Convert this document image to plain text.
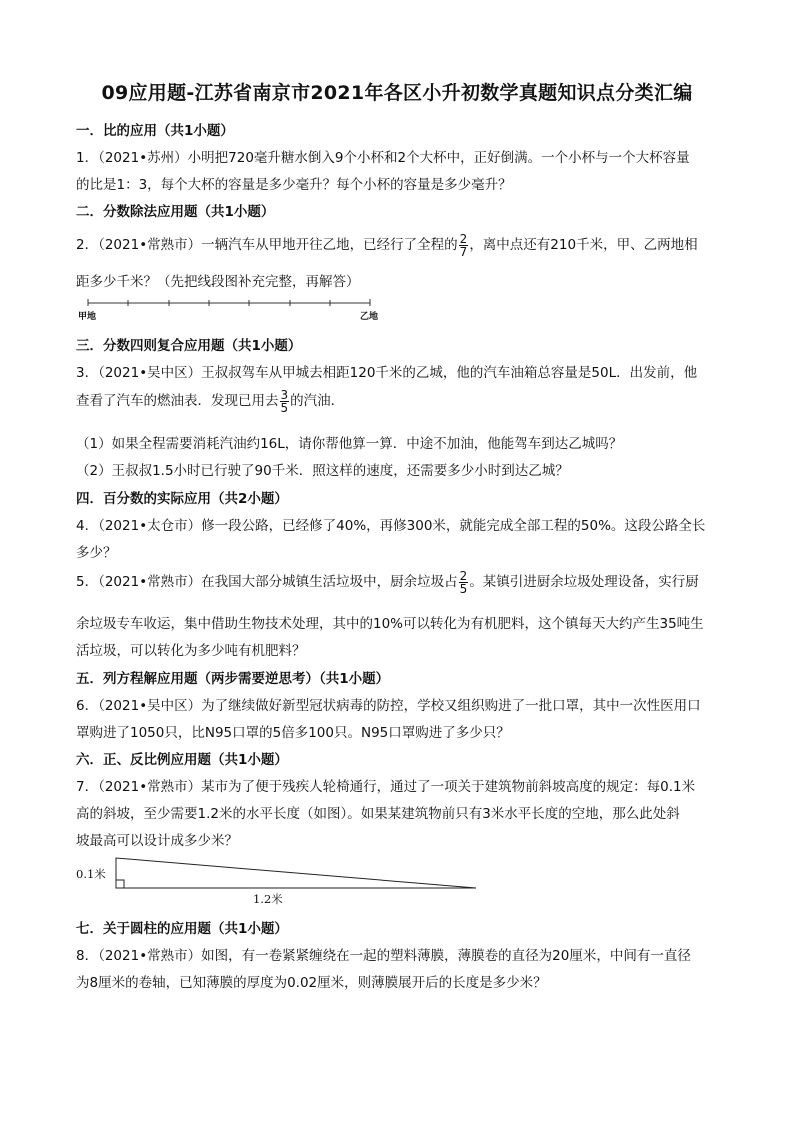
09应用题-江苏省南京市2021年各区小升初数学真题知识点分类汇编
一．比的应用（共1小题）
1．（2021•苏州）小明把720毫升糖水倒入9个小杯和2个大杯中，正好倒满。一个小杯与一个大杯容量
的比是1：3，每个大杯的容量是多少毫升？每个小杯的容量是多少毫升？
二．分数除法应用题（共1小题）
2．（2021•常熟市）一辆汽车从甲地开往乙地，已经行了全程的 $\frac{2}{7}$ ，离中点还有210千米，甲、乙两地相
距多少千米？（先把线段图补充完整，再解答）
甲地	乙地
三．分数四则复合应用题（共1小题）
3．（2021•吴中区）王叔叔驾车从甲城去相距120千米的乙城，他的汽车油箱总容量是50L．出发前，他
查看了汽车的燃油表．发现已用去 $\frac{3}{5}$ 的汽油．
（1）如果全程需要消耗汽油约16L，请你帮他算一算．中途不加油，他能驾车到达乙城吗？
（2）王叔叔1.5小时已行驶了90千米．照这样的速度，还需要多少小时到达乙城？
四．百分数的实际应用（共2小题）
4．（2021•太仓市）修一段公路，已经修了40%，再修300米，就能完成全部工程的50%。这段公路全长
多少？
5．（2021•常熟市）在我国大部分城镇生活垃圾中，厨余垃圾占 $\frac{2}{5}$ 。某镇引进厨余垃圾处理设备，实行厨
余垃圾专车收运，集中借助生物技术处理，其中的10%可以转化为有机肥料，这个镇每天大约产生35吨生
活垃圾，可以转化为多少吨有机肥料？
五．列方程解应用题（两步需要逆思考）（共1小题）
6．（2021•吴中区）为了继续做好新型冠状病毒的防控，学校又组织购进了一批口罩，其中一次性医用口
罩购进了1050只，比N95口罩的5倍多100只。N95口罩购进了多少只？
六．正、反比例应用题（共1小题）
7．（2021•常熟市）某市为了便于残疾人轮椅通行，通过了一项关于建筑物前斜坡高度的规定：每0.1米
高的斜坡，至少需要1.2米的水平长度（如图）。如果某建筑物前只有3米水平长度的空地，那么此处斜
坡最高可以设计成多少米？
0.1米
1.2米
七．关于圆柱的应用题（共1小题）
8．（2021•常熟市）如图，有一卷紧紧缠绕在一起的塑料薄膜，薄膜卷的直径为20厘米，中间有一直径
为8厘米的卷轴，已知薄膜的厚度为0.02厘米，则薄膜展开后的长度是多少米？
